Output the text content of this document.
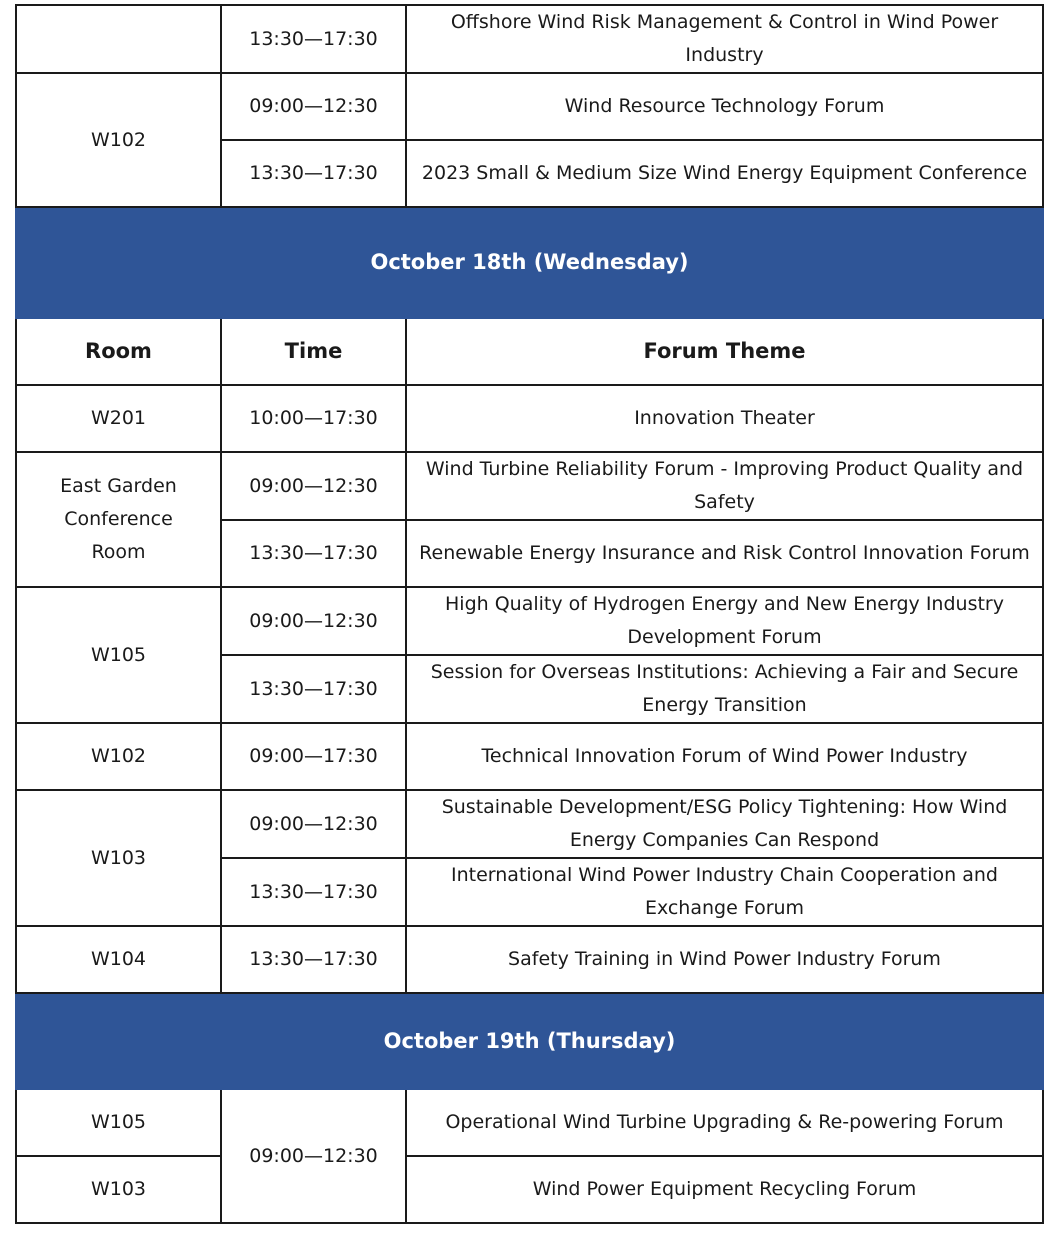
	13:30—17:30	Offshore Wind Risk Management & Control in Wind Power Industry
W102	09:00—12:30	Wind Resource Technology Forum
	13:30—17:30	2023 Small & Medium Size Wind Energy Equipment Conference
October 18th (Wednesday)		
Room	Time	Forum Theme
W201	10:00—17:30	Innovation Theater
East Garden Conference Room	09:00—12:30	Wind Turbine Reliability Forum - Improving Product Quality and Safety
	13:30—17:30	Renewable Energy Insurance and Risk Control Innovation Forum
W105	09:00—12:30	High Quality of Hydrogen Energy and New Energy Industry Development Forum
	13:30—17:30	Session for Overseas Institutions: Achieving a Fair and Secure Energy Transition
W102	09:00—17:30	Technical Innovation Forum of Wind Power Industry
W103	09:00—12:30	Sustainable Development/ESG Policy Tightening: How Wind Energy Companies Can Respond
	13:30—17:30	International Wind Power Industry Chain Cooperation and Exchange Forum
W104	13:30—17:30	Safety Training in Wind Power Industry Forum
October 19th (Thursday)		
W105	09:00—12:30	Operational Wind Turbine Upgrading & Re-powering Forum
W103		Wind Power Equipment Recycling Forum
